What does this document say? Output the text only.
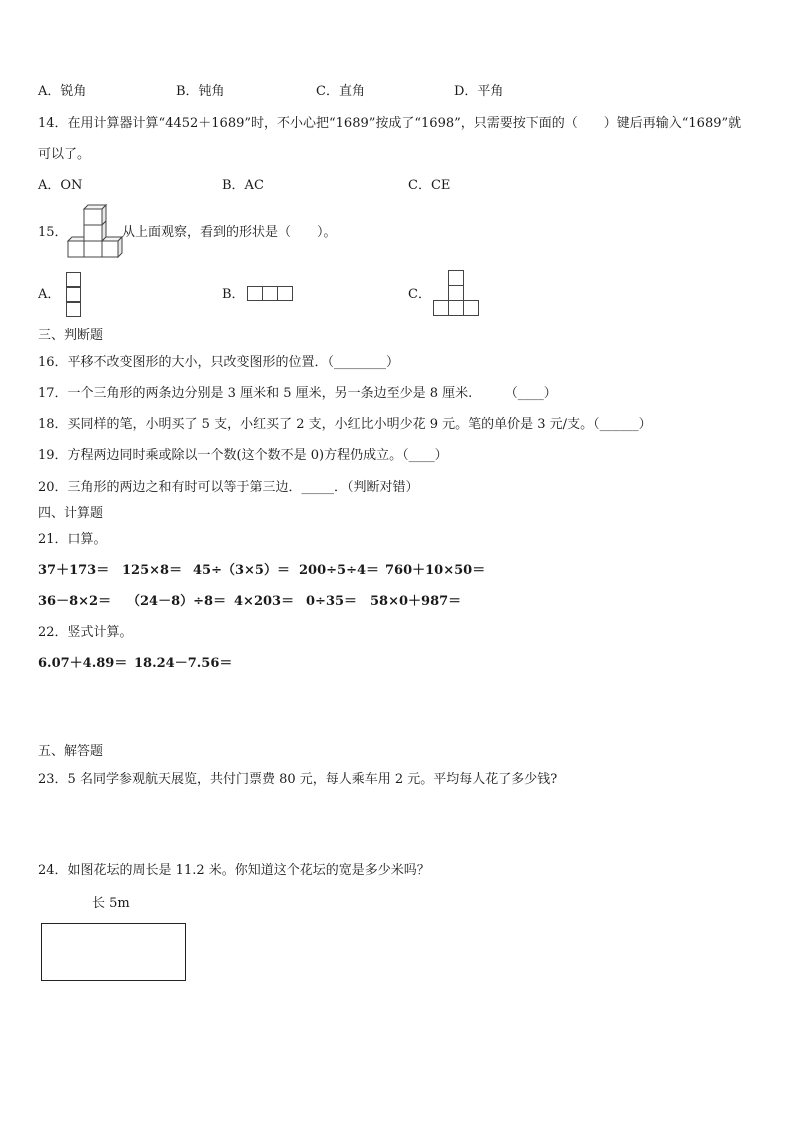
A．锐角	B．钝角	C．直角	D．平角
14．在用计算器计算“4452＋1689”时，不小心把“1689”按成了“1698”，只需要按下面的（　　）键后再输入“1689”就
可以了。
A．ON	B．AC	C．CE
15．	从上面观察，看到的形状是（　　）。
A．	B．	C．
三、判断题
16．平移不改变图形的大小，只改变图形的位置．（________）
17．一个三角形的两条边分别是 3 厘米和 5 厘米，另一条边至少是 8 厘米.　　　（____）
18．买同样的笔，小明买了 5 支，小红买了 2 支，小红比小明少花 9 元。笔的单价是 3 元/支。（______）
19．方程两边同时乘或除以一个数(这个数不是 0)方程仍成立。（____）
20．三角形的两边之和有时可以等于第三边．_____．（判断对错）
四、计算题
21．口算。
37＋173＝ 125×8＝ 45÷（3×5）＝ 200÷5÷4＝ 760＋10×50＝
36－8×2＝ （24－8）÷8＝ 4×203＝ 0÷35＝ 58×0＋987＝
22．竖式计算。
6.07＋4.89＝ 18.24－7.56＝
五、解答题
23．5 名同学参观航天展览，共付门票费 80 元，每人乘车用 2 元。平均每人花了多少钱?
24．如图花坛的周长是 11.2 米。你知道这个花坛的宽是多少米吗？
长 5m
